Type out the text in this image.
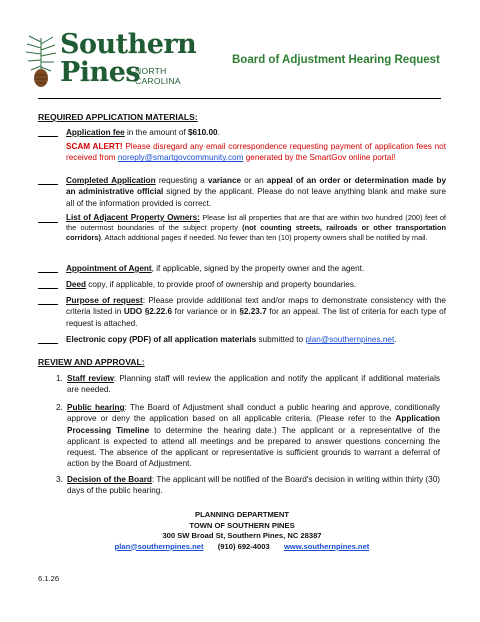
Southern
Pines
NORTH
CAROLINA
Board of Adjustment Hearing Request
REQUIRED APPLICATION MATERIALS:
Application fee in the amount of $610.00.
SCAM ALERT! Please disregard any email correspondence requesting payment of application fees not received from noreply@smartgovcommunity.com generated by the SmartGov online portal!
Completed Application requesting a variance or an appeal of an order or determination made by an administrative official signed by the applicant. Please do not leave anything blank and make sure all of the information provided is correct.
List of Adjacent Property Owners: Please list all properties that are that are within two hundred (200) feet of the outermost boundaries of the subject property (not counting streets, railroads or other transportation corridors). Attach additional pages if needed. No fewer than ten (10) property owners shall be notified by mail.
Appointment of Agent, if applicable, signed by the property owner and the agent.
Deed copy, if applicable, to provide proof of ownership and property boundaries.
Purpose of request: Please provide additional text and/or maps to demonstrate consistency with the criteria listed in UDO §2.22.6 for variance or in §2.23.7 for an appeal. The list of criteria for each type of request is attached.
Electronic copy (PDF) of all application materials submitted to plan@southernpines.net.
REVIEW AND APPROVAL:
1. Staff review: Planning staff will review the application and notify the applicant if additional materials are needed.
2. Public hearing: The Board of Adjustment shall conduct a public hearing and approve, conditionally approve or deny the application based on all applicable criteria. (Please refer to the Application Processing Timeline to determine the hearing date.) The applicant or a representative of the applicant is expected to attend all meetings and be prepared to answer questions concerning the request. The absence of the applicant or representative is sufficient grounds to warrant a deferral of action by the Board of Adjustment.
3. Decision of the Board: The applicant will be notified of the Board's decision in writing within thirty (30) days of the public hearing.
PLANNING DEPARTMENT
TOWN OF SOUTHERN PINES
300 SW Broad St, Southern Pines, NC 28387
plan@southernpines.net (910) 692-4003 www.southernpines.net
6.1.26
